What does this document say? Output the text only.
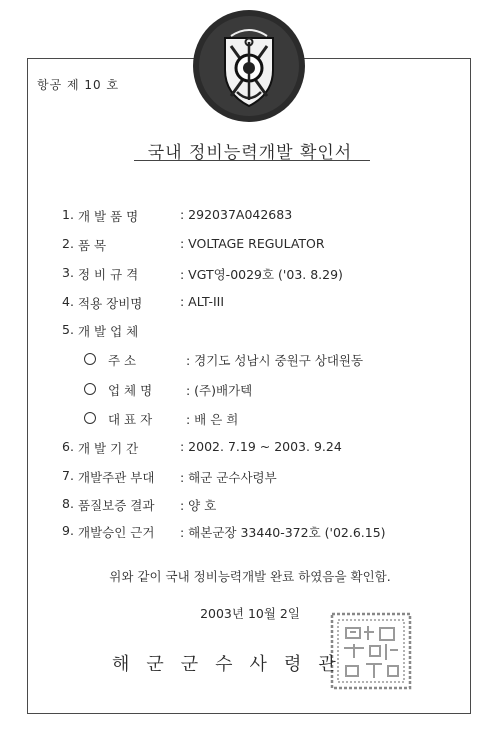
항공 제 10 호
국내 정비능력개발 확인서
1. 개 발 품 명	: 292037A042683
2. 품 목	: VOLTAGE REGULATOR
3. 정 비 규 격	: VGT영-0029호 ('03. 8.29)
4. 적용 장비명	: ALT-III
5. 개 발 업 체
주 소	: 경기도 성남시 중원구 상대원동
업 체 명	: (주)배가텍
대 표 자	: 배 은 희
6. 개 발 기 간	: 2002. 7.19 ~ 2003. 9.24
7. 개발주관 부대	: 해군 군수사령부
8. 품질보증 결과	: 양 호
9. 개발승인 근거	: 해본군장 33440-372호 ('02.6.15)
위와 같이 국내 정비능력개발 완료 하였음을 확인함.
2003년 10월 2일
해군군수사령관
